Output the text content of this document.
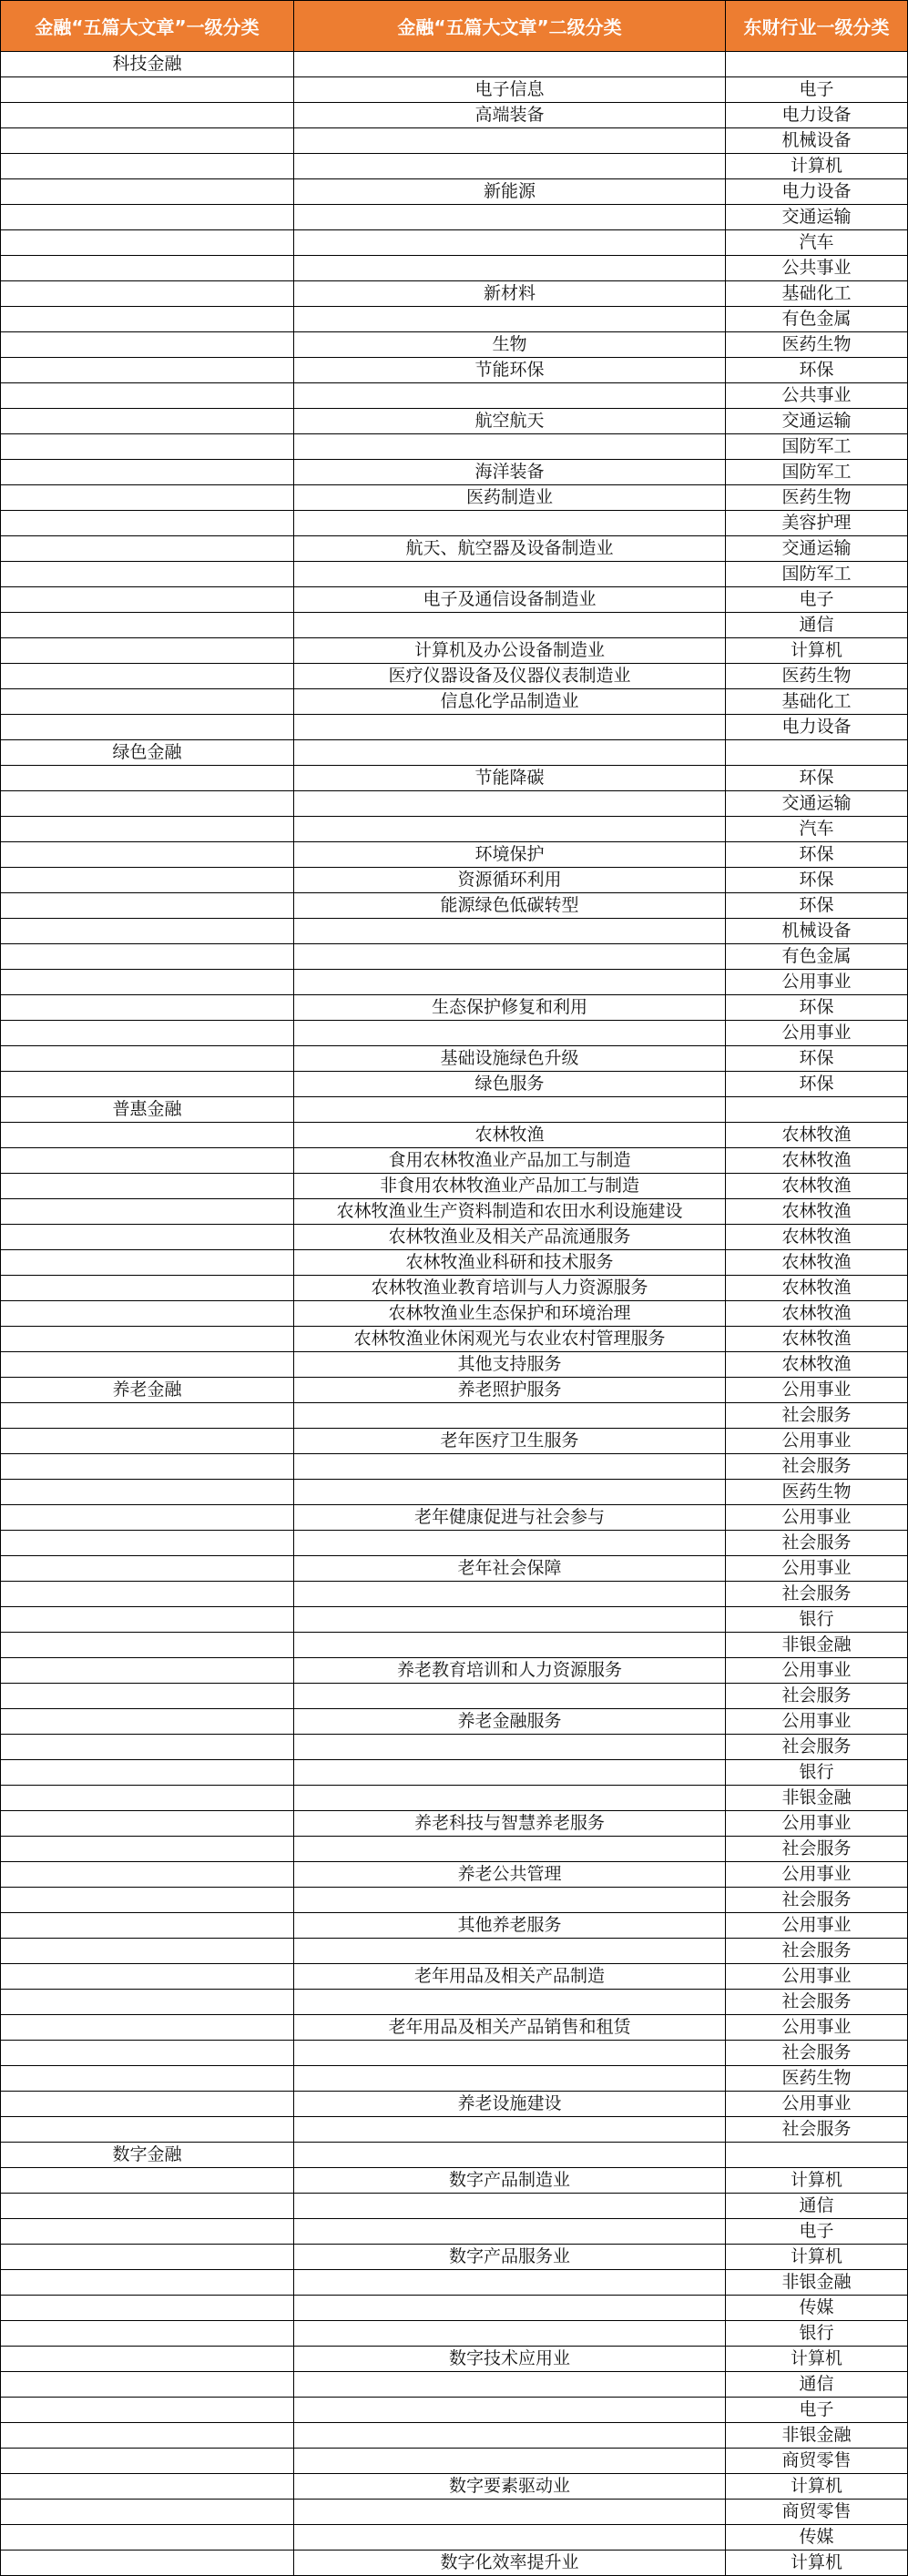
金融“五篇大文章”一级分类	金融“五篇大文章”二级分类	东财行业一级分类
科技金融		
	电子信息	电子
	高端装备	电力设备
		机械设备
		计算机
	新能源	电力设备
		交通运输
		汽车
		公共事业
	新材料	基础化工
		有色金属
	生物	医药生物
	节能环保	环保
		公共事业
	航空航天	交通运输
		国防军工
	海洋装备	国防军工
	医药制造业	医药生物
		美容护理
	航天、航空器及设备制造业	交通运输
		国防军工
	电子及通信设备制造业	电子
		通信
	计算机及办公设备制造业	计算机
	医疗仪器设备及仪器仪表制造业	医药生物
	信息化学品制造业	基础化工
		电力设备
绿色金融		
	节能降碳	环保
		交通运输
		汽车
	环境保护	环保
	资源循环利用	环保
	能源绿色低碳转型	环保
		机械设备
		有色金属
		公用事业
	生态保护修复和利用	环保
		公用事业
	基础设施绿色升级	环保
	绿色服务	环保
普惠金融		
	农林牧渔	农林牧渔
	食用农林牧渔业产品加工与制造	农林牧渔
	非食用农林牧渔业产品加工与制造	农林牧渔
	农林牧渔业生产资料制造和农田水利设施建设	农林牧渔
	农林牧渔业及相关产品流通服务	农林牧渔
	农林牧渔业科研和技术服务	农林牧渔
	农林牧渔业教育培训与人力资源服务	农林牧渔
	农林牧渔业生态保护和环境治理	农林牧渔
	农林牧渔业休闲观光与农业农村管理服务	农林牧渔
	其他支持服务	农林牧渔
养老金融	养老照护服务	公用事业
		社会服务
	老年医疗卫生服务	公用事业
		社会服务
		医药生物
	老年健康促进与社会参与	公用事业
		社会服务
	老年社会保障	公用事业
		社会服务
		银行
		非银金融
	养老教育培训和人力资源服务	公用事业
		社会服务
	养老金融服务	公用事业
		社会服务
		银行
		非银金融
	养老科技与智慧养老服务	公用事业
		社会服务
	养老公共管理	公用事业
		社会服务
	其他养老服务	公用事业
		社会服务
	老年用品及相关产品制造	公用事业
		社会服务
	老年用品及相关产品销售和租赁	公用事业
		社会服务
		医药生物
	养老设施建设	公用事业
		社会服务
数字金融		
	数字产品制造业	计算机
		通信
		电子
	数字产品服务业	计算机
		非银金融
		传媒
		银行
	数字技术应用业	计算机
		通信
		电子
		非银金融
		商贸零售
	数字要素驱动业	计算机
		商贸零售
		传媒
	数字化效率提升业	计算机
